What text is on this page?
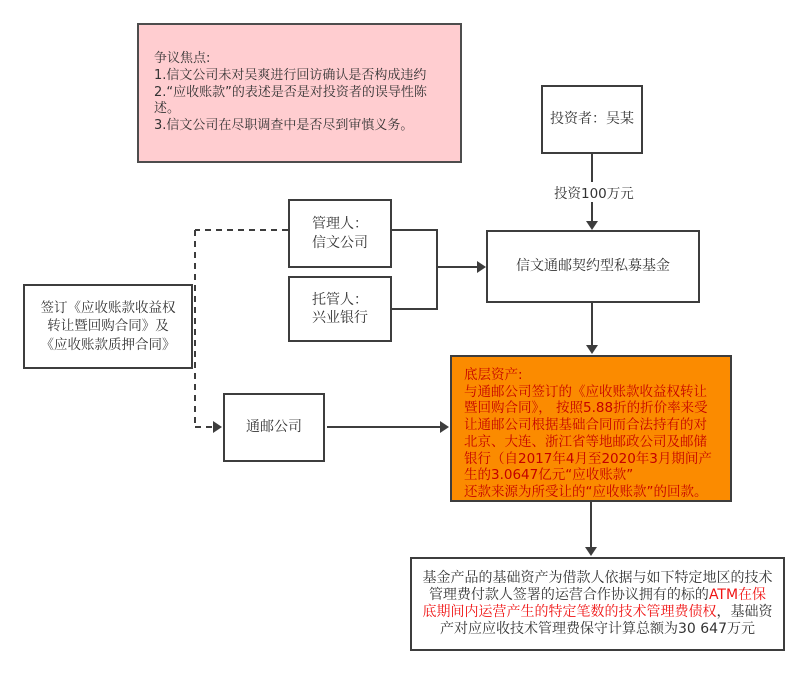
争议焦点:
1.信文公司未对吴爽进行回访确认是否构成违约
2.“应收账款”的表述是否是对投资者的误导性陈述。
3.信文公司在尽职调查中是否尽到审慎义务。	投资者：吴某
投资100万元
管理人：
信文公司
托管人：
兴业银行
信文通邮契约型私募基金
签订《应收账款收益权转让暨回购合同》及《应收账款质押合同》
通邮公司
底层资产:
与通邮公司签订的《应收账款收益权转让暨回购合同》， 按照5.88折的折价率来受让通邮公司根据基础合同而合法持有的对北京、大连、浙江省等地邮政公司及邮储银行（自2017年4月至2020年3月期间产生的3.0647亿元“应收账款”
还款来源为所受让的“应收账款”的回款。
基金产品的基础资产为借款人依据与如下特定地区的技术管理费付款人签署的运营合作协议拥有的标的ATM在保底期间内运营产生的特定笔数的技术管理费债权，基础资产对应应收技术管理费保守计算总额为30 647万元
